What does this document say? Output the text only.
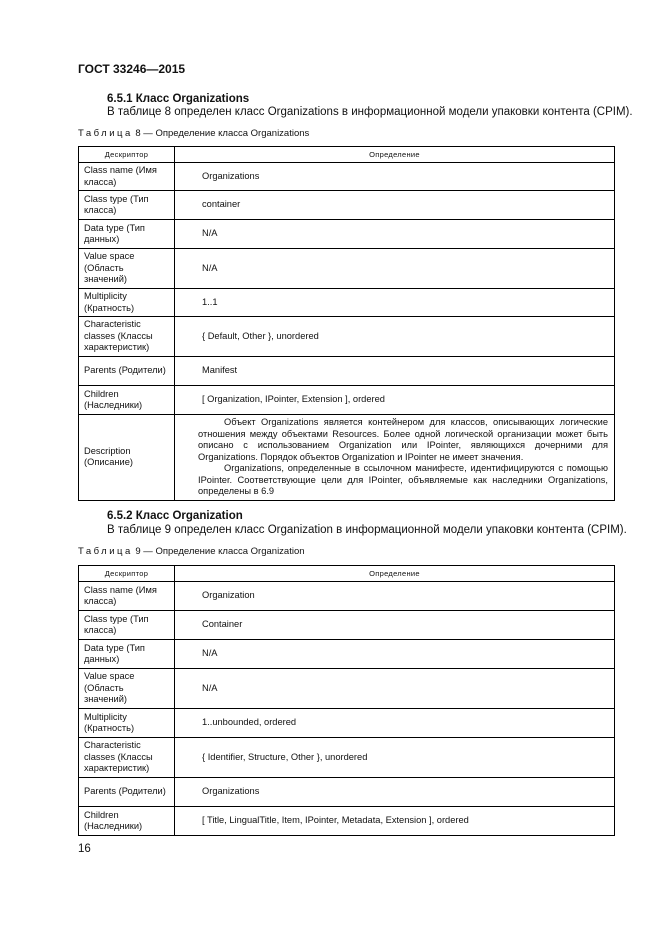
ГОСТ 33246—2015
6.5.1 Класс Organizations
В таблице 8 определен класс Organizations в информационной модели упаковки контента (CPIM).
Таблица 8 — Определение класса Organizations
Дескриптор	Определение
Class name (Имя класса)	Organizations
Class type (Тип класса)	container
Data type (Тип данных)	N/A
Value space (Область значений)	N/A
Multiplicity (Кратность)	1..1
Characteristic classes (Классы характеристик)	{ Default, Other }, unordered
Parents (Родители)	Manifest
Children (Наследники)	[ Organization, IPointer, Extension ], ordered
Description (Описание)	Объект Organizations является контейнером для классов, описывающих логические отношения между объектами Resources. Более одной логической организации может быть описано с использованием Organization или IPointer, являющихся дочерними для Organizations. Порядок объектов Organization и IPointer не имеет значения.

Organizations, определенные в ссылочном манифесте, идентифицируются с помощью IPointer. Соответствующие цели для IPointer, объявляемые как наследники Organizations, определены в 6.9

6.5.2 Класс Organization
В таблице 9 определен класс Organization в информационной модели упаковки контента (CPIM).
Таблица 9 — Определение класса Organization
Дескриптор	Определение
Class name (Имя класса)	Organization
Class type (Тип класса)	Container
Data type (Тип данных)	N/A
Value space (Область значений)	N/A
Multiplicity (Кратность)	1..unbounded, ordered
Characteristic classes (Классы характеристик)	{ Identifier, Structure, Other }, unordered
Parents (Родители)	Organizations
Children (Наследники)	[ Title, LingualTitle, Item, IPointer, Metadata, Extension ], ordered
16
